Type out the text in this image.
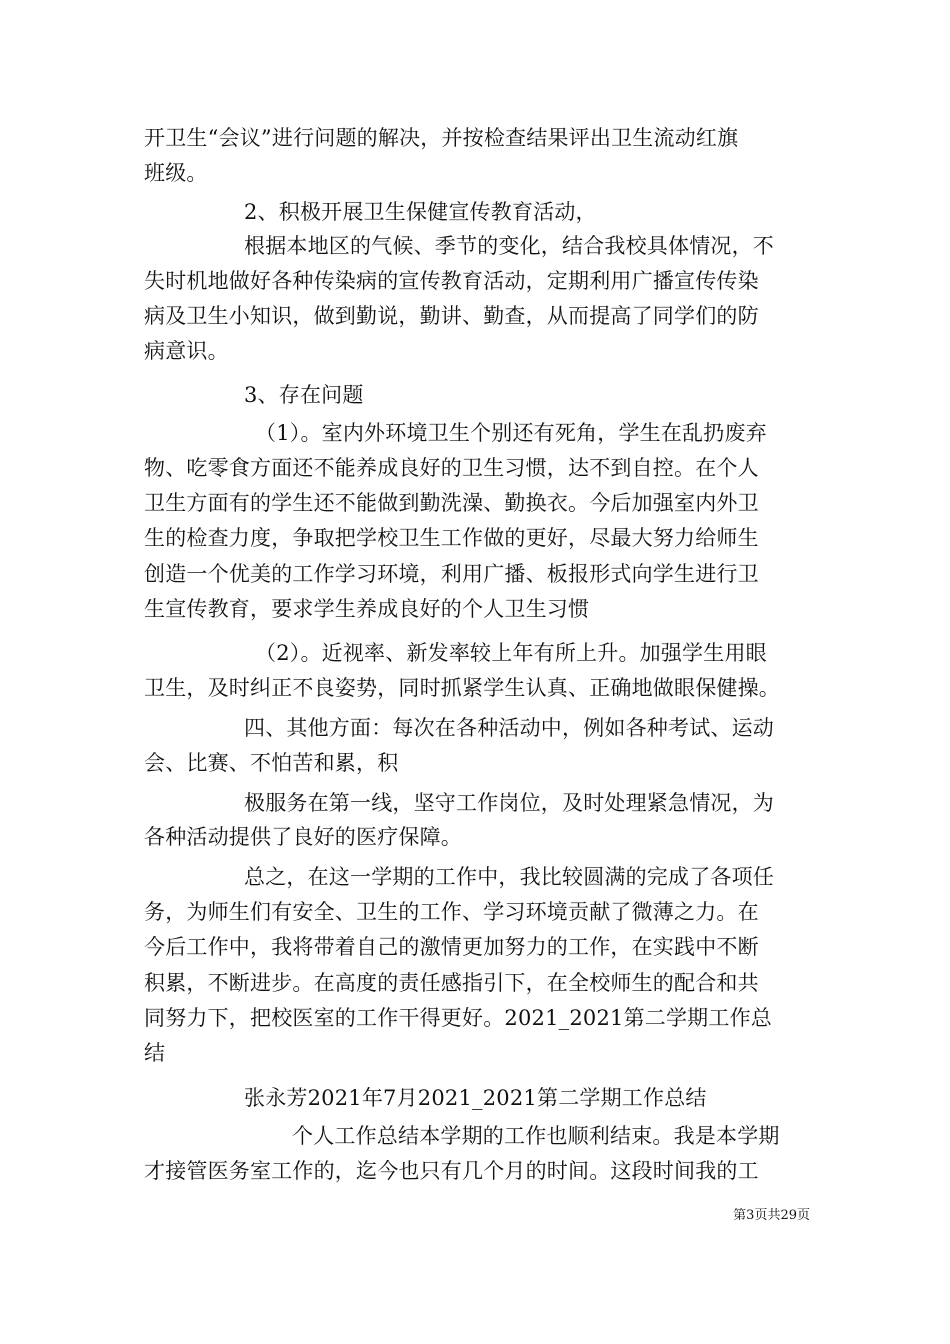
开卫生“会议”进行问题的解决，并按检查结果评出卫生流动红旗
班级。
2、积极开展卫生保健宣传教育活动，
根据本地区的气候、季节的变化，结合我校具体情况，不
失时机地做好各种传染病的宣传教育活动，定期利用广播宣传传染
病及卫生小知识，做到勤说，勤讲、勤查，从而提高了同学们的防
病意识。
3、存在问题
（1）。室内外环境卫生个别还有死角，学生在乱扔废弃
物、吃零食方面还不能养成良好的卫生习惯，达不到自控。在个人
卫生方面有的学生还不能做到勤洗澡、勤换衣。今后加强室内外卫
生的检查力度，争取把学校卫生工作做的更好，尽最大努力给师生
创造一个优美的工作学习环境，利用广播、板报形式向学生进行卫
生宣传教育，要求学生养成良好的个人卫生习惯
（2）。近视率、新发率较上年有所上升。加强学生用眼
卫生，及时纠正不良姿势，同时抓紧学生认真、正确地做眼保健操。
四、其他方面：每次在各种活动中，例如各种考试、运动
会、比赛、不怕苦和累，积
极服务在第一线，坚守工作岗位，及时处理紧急情况，为
各种活动提供了良好的医疗保障。
总之，在这一学期的工作中，我比较圆满的完成了各项任
务，为师生们有安全、卫生的工作、学习环境贡献了微薄之力。在
今后工作中，我将带着自己的激情更加努力的工作，在实践中不断
积累，不断进步。在高度的责任感指引下，在全校师生的配合和共
同努力下，把校医室的工作干得更好。2021_2021第二学期工作总
结
张永芳2021年7月2021_2021第二学期工作总结
个人工作总结本学期的工作也顺利结束。我是本学期
才接管医务室工作的，迄今也只有几个月的时间。这段时间我的工
第3页共29页
